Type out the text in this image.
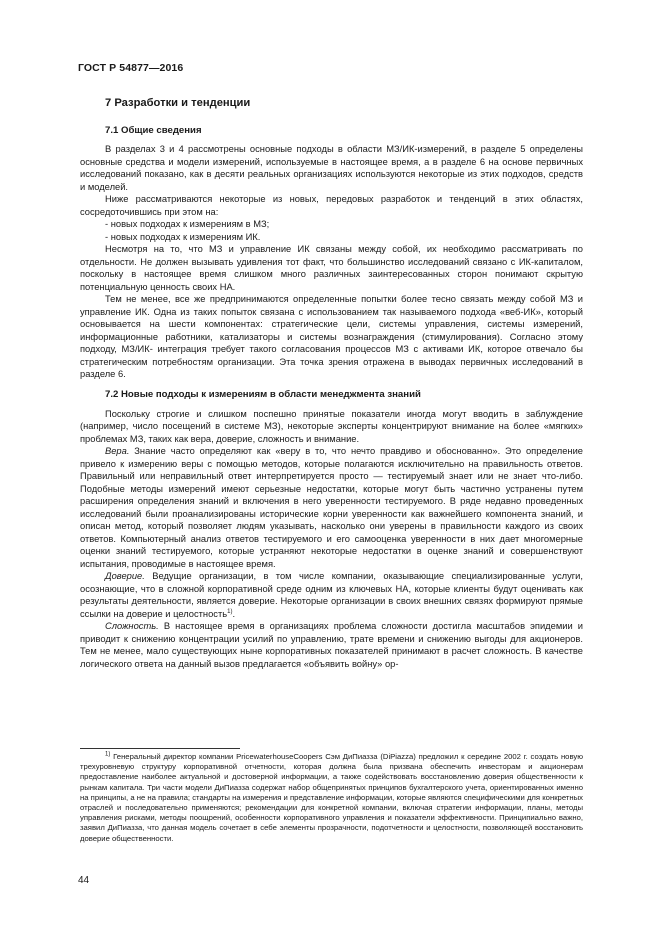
ГОСТ Р 54877—2016
7 Разработки и тенденции
7.1 Общие сведения

В разделах 3 и 4 рассмотрены основные подходы в области МЗ/ИК-измерений, в разделе 5 определены основные средства и модели измерений, используемые в настоящее время, а в разделе 6 на основе первичных исследований показано, как в десяти реальных организациях используются некоторые из этих подходов, средств и моделей.

Ниже рассматриваются некоторые из новых, передовых разработок и тенденций в этих областях, сосредоточившись при этом на:

- новых подходах к измерениям в МЗ;

- новых подходах к измерениям ИК.

Несмотря на то, что МЗ и управление ИК связаны между собой, их необходимо рассматривать по отдельности. Не должен вызывать удивления тот факт, что большинство исследований связано с ИК-капиталом, поскольку в настоящее время слишком много различных заинтересованных сторон понимают скрытую потенциальную ценность своих НА.

Тем не менее, все же предпринимаются определенные попытки более тесно связать между собой МЗ и управление ИК. Одна из таких попыток связана с использованием так называемого подхода «веб-ИК», который основывается на шести компонентах: стратегические цели, системы управления, системы измерений, информационные работники, катализаторы и системы вознаграждения (стимулирования). Согласно этому подходу, МЗ/ИК- интеграция требует такого согласования процессов МЗ с активами ИК, которое отвечало бы стратегическим потребностям организации. Эта точка зрения отражена в выводах первичных исследований в разделе 6.

7.2 Новые подходы к измерениям в области менеджмента знаний

Поскольку строгие и слишком поспешно принятые показатели иногда могут вводить в заблуждение (например, число посещений в системе МЗ), некоторые эксперты концентрируют внимание на более «мягких» проблемах МЗ, таких как вера, доверие, сложность и внимание.

Вера. Знание часто определяют как «веру в то, что нечто правдиво и обоснованно». Это определение привело к измерению веры с помощью методов, которые полагаются исключительно на правильность ответов. Правильный или неправильный ответ интерпретируется просто — тестируемый знает или не знает что-либо. Подобные методы измерений имеют серьезные недостатки, которые могут быть частично устранены путем расширения определения знаний и включения в него уверенности тестируемого. В ряде недавно проведенных исследований были проанализированы исторические корни уверенности как важнейшего компонента знаний, и описан метод, который позволяет людям указывать, насколько они уверены в правильности каждого из своих ответов. Компьютерный анализ ответов тестируемого и его самооценка уверенности в них дает многомерные оценки знаний тестируемого, которые устраняют некоторые недостатки в оценке знаний и совершенствуют испытания, проводимые в настоящее время.

Доверие. Ведущие организации, в том числе компании, оказывающие специализированные услуги, осознающие, что в сложной корпоративной среде одним из ключевых НА, которые клиенты будут оценивать как результаты деятельности, является доверие. Некоторые организации в своих внешних связях формируют прямые ссылки на доверие и целостность$^{1)}$.

Сложность. В настоящее время в организациях проблема сложности достигла масштабов эпидемии и приводит к снижению концентрации усилий по управлению, трате времени и снижению выгоды для акционеров. Тем не менее, мало существующих ныне корпоративных показателей принимают в расчет сложность. В качестве логического ответа на данный вызов предлагается «объявить войну» ор-

$^{1)}$ Генеральный директор компании PricewaterhouseCoopers Сэм ДиПиазза (DiPiazza) предложил к середине 2002 г. создать новую трехуровневую структуру корпоративной отчетности, которая должна была призвана обеспечить инвесторам и акционерам предоставление наиболее актуальной и достоверной информации, а также содействовать восстановлению доверия общественности к рынкам капитала. Три части модели ДиПиазза содержат набор общепринятых принципов бухгалтерского учета, ориентированных именно на принципы, а не на правила; стандарты на измерения и представление информации, которые являются специфическими для конкретных отраслей и последовательно применяются; рекомендации для конкретной компании, включая стратегии информации, планы, методы управления рисками, методы поощрений, особенности корпоративного управления и показатели эффективности. Принципиально важно, заявил ДиПиазза, что данная модель сочетает в себе элементы прозрачности, подотчетности и целостности, позволяющей восстановить доверие общественности.

44
